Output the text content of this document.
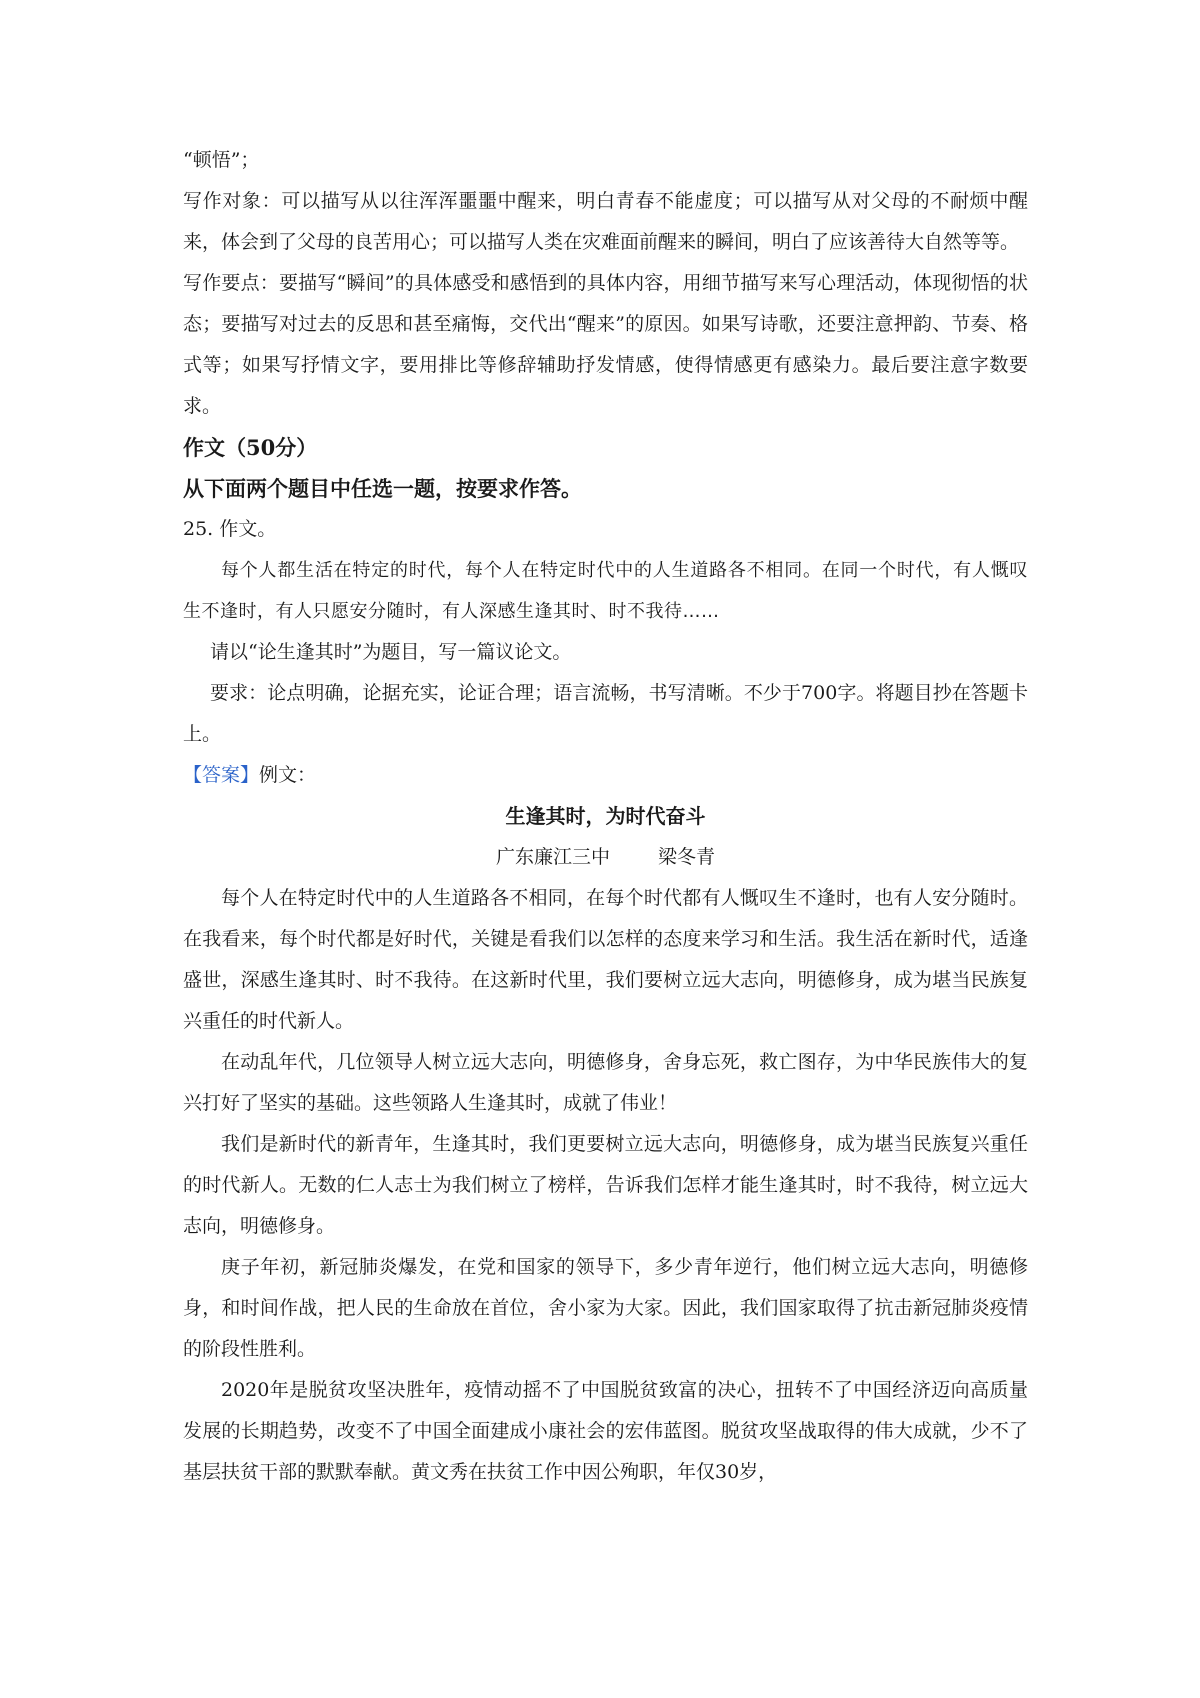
“顿悟”；

写作对象：可以描写从以往浑浑噩噩中醒来，明白青春不能虚度；可以描写从对父母的不耐烦中醒来，体会到了父母的良苦用心；可以描写人类在灾难面前醒来的瞬间，明白了应该善待大自然等等。

写作要点：要描写“瞬间”的具体感受和感悟到的具体内容，用细节描写来写心理活动，体现彻悟的状态；要描写对过去的反思和甚至痛悔，交代出“醒来”的原因。如果写诗歌，还要注意押韵、节奏、格式等；如果写抒情文字，要用排比等修辞辅助抒发情感，使得情感更有感染力。最后要注意字数要求。

作文（50分）

从下面两个题目中任选一题，按要求作答。

25. 作文。

每个人都生活在特定的时代，每个人在特定时代中的人生道路各不相同。在同一个时代，有人慨叹生不逢时，有人只愿安分随时，有人深感生逢其时、时不我待……

请以“论生逢其时”为题目，写一篇议论文。

要求：论点明确，论据充实，论证合理；语言流畅，书写清晰。不少于700字。将题目抄在答题卡上。

【答案】例文：

生逢其时，为时代奋斗

广东廉江三中	梁冬青

每个人在特定时代中的人生道路各不相同，在每个时代都有人慨叹生不逢时，也有人安分随时。在我看来，每个时代都是好时代，关键是看我们以怎样的态度来学习和生活。我生活在新时代，适逢盛世，深感生逢其时、时不我待。在这新时代里，我们要树立远大志向，明德修身，成为堪当民族复兴重任的时代新人。

在动乱年代，几位领导人树立远大志向，明德修身，舍身忘死，救亡图存，为中华民族伟大的复兴打好了坚实的基础。这些领路人生逢其时，成就了伟业！

我们是新时代的新青年，生逢其时，我们更要树立远大志向，明德修身，成为堪当民族复兴重任的时代新人。无数的仁人志士为我们树立了榜样，告诉我们怎样才能生逢其时，时不我待，树立远大志向，明德修身。

庚子年初，新冠肺炎爆发，在党和国家的领导下，多少青年逆行，他们树立远大志向，明德修身，和时间作战，把人民的生命放在首位，舍小家为大家。因此，我们国家取得了抗击新冠肺炎疫情的阶段性胜利。

2020年是脱贫攻坚决胜年，疫情动摇不了中国脱贫致富的决心，扭转不了中国经济迈向高质量发展的长期趋势，改变不了中国全面建成小康社会的宏伟蓝图。脱贫攻坚战取得的伟大成就，少不了基层扶贫干部的默默奉献。黄文秀在扶贫工作中因公殉职，年仅30岁，
